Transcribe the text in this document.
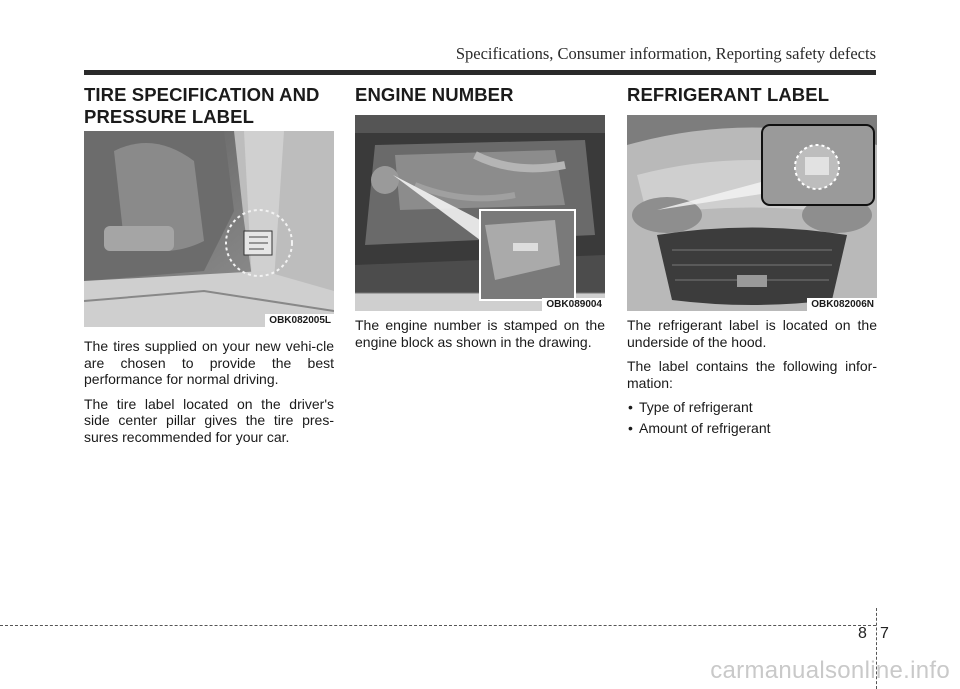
Specifications, Consumer information, Reporting safety defects
TIRE SPECIFICATION AND
PRESSURE LABEL
OBK082005L

The tires supplied on your new vehi-cle are chosen to provide the best performance for normal driving.

The tire label located on the driver's side center pillar gives the tire pres-sures recommended for your car.

ENGINE NUMBER
OBK089004

The engine number is stamped on the engine block as shown in the drawing.

REFRIGERANT LABEL
OBK082006N

The refrigerant label is located on the underside of the hood.

The label contains the following infor-mation:

• Type of refrigerant
• Amount of refrigerant
8 7
carmanualsonline.info
